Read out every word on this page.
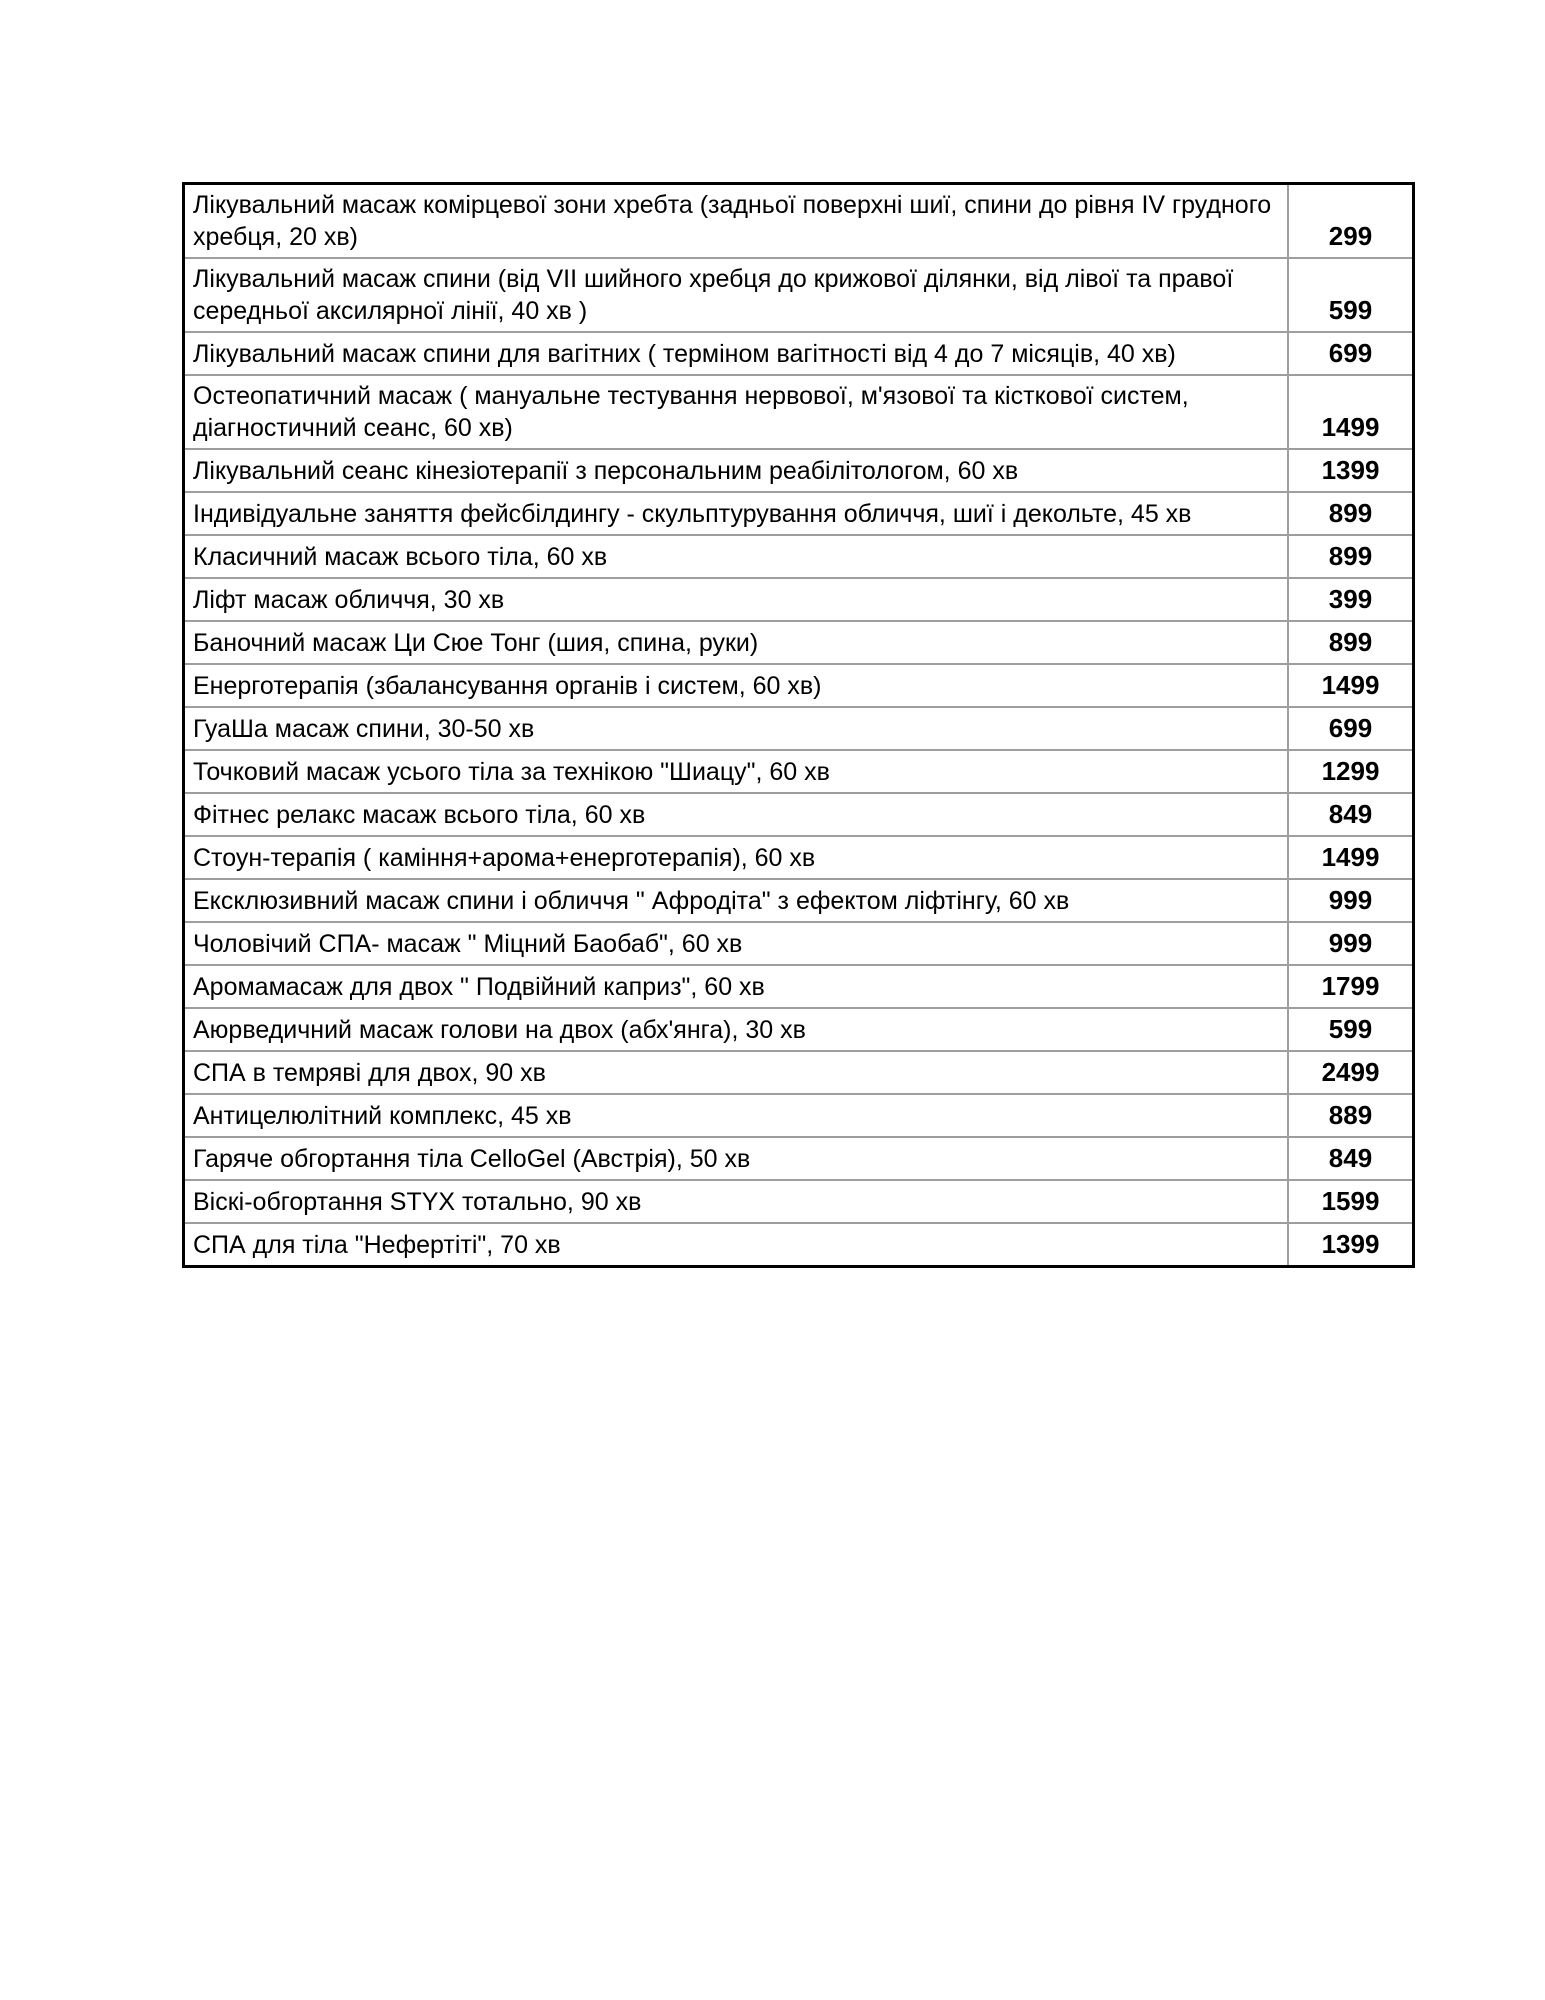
Лікувальний масаж комірцевої зони хребта (задньої поверхні шиї, спини до рівня IV грудного хребця, 20 хв)	299
Лікувальний масаж спини (від VII шийного хребця до крижової ділянки, від лівої та правої середньої аксилярної лінії, 40 хв )	599
Лікувальний масаж спини для вагітних ( терміном вагітності від 4 до 7 місяців, 40 хв)	699
Остеопатичний масаж ( мануальне тестування нервової, м'язової та кісткової систем, діагностичний сеанс, 60 хв)	1499
Лікувальний сеанс кінезіотерапії з персональним реабілітологом, 60 хв	1399
Індивідуальне заняття фейсбілдингу - скульптурування обличчя, шиї і декольте, 45 хв	899
Класичний масаж всього тіла, 60 хв	899
Ліфт масаж обличчя, 30 хв	399
Баночний масаж Ци Сюе Тонг (шия, спина, руки)	899
Енерготерапія (збалансування органів і систем, 60 хв)	1499
ГуаШа масаж спини, 30-50 хв	699
Точковий масаж усього тіла за технікою "Шиацу", 60 хв	1299
Фітнес релакс масаж всього тіла, 60 хв	849
Стоун-терапія ( каміння+арома+енерготерапія), 60 хв	1499
Ексклюзивний масаж спини і обличчя " Афродіта" з ефектом ліфтінгу, 60 хв	999
Чоловічий СПА- масаж " Міцний Баобаб", 60 хв	999
Аромамасаж для двох " Подвійний каприз", 60 хв	1799
Аюрведичний масаж голови на двох (абх'янга), 30 хв	599
СПА в темряві для двох, 90 хв	2499
Антицелюлітний комплекс, 45 хв	889
Гаряче обгортання тіла CelloGel (Австрія), 50 хв	849
Віскі-обгортання STYX тотально, 90 хв	1599
СПА для тіла "Нефертіті", 70 хв	1399
